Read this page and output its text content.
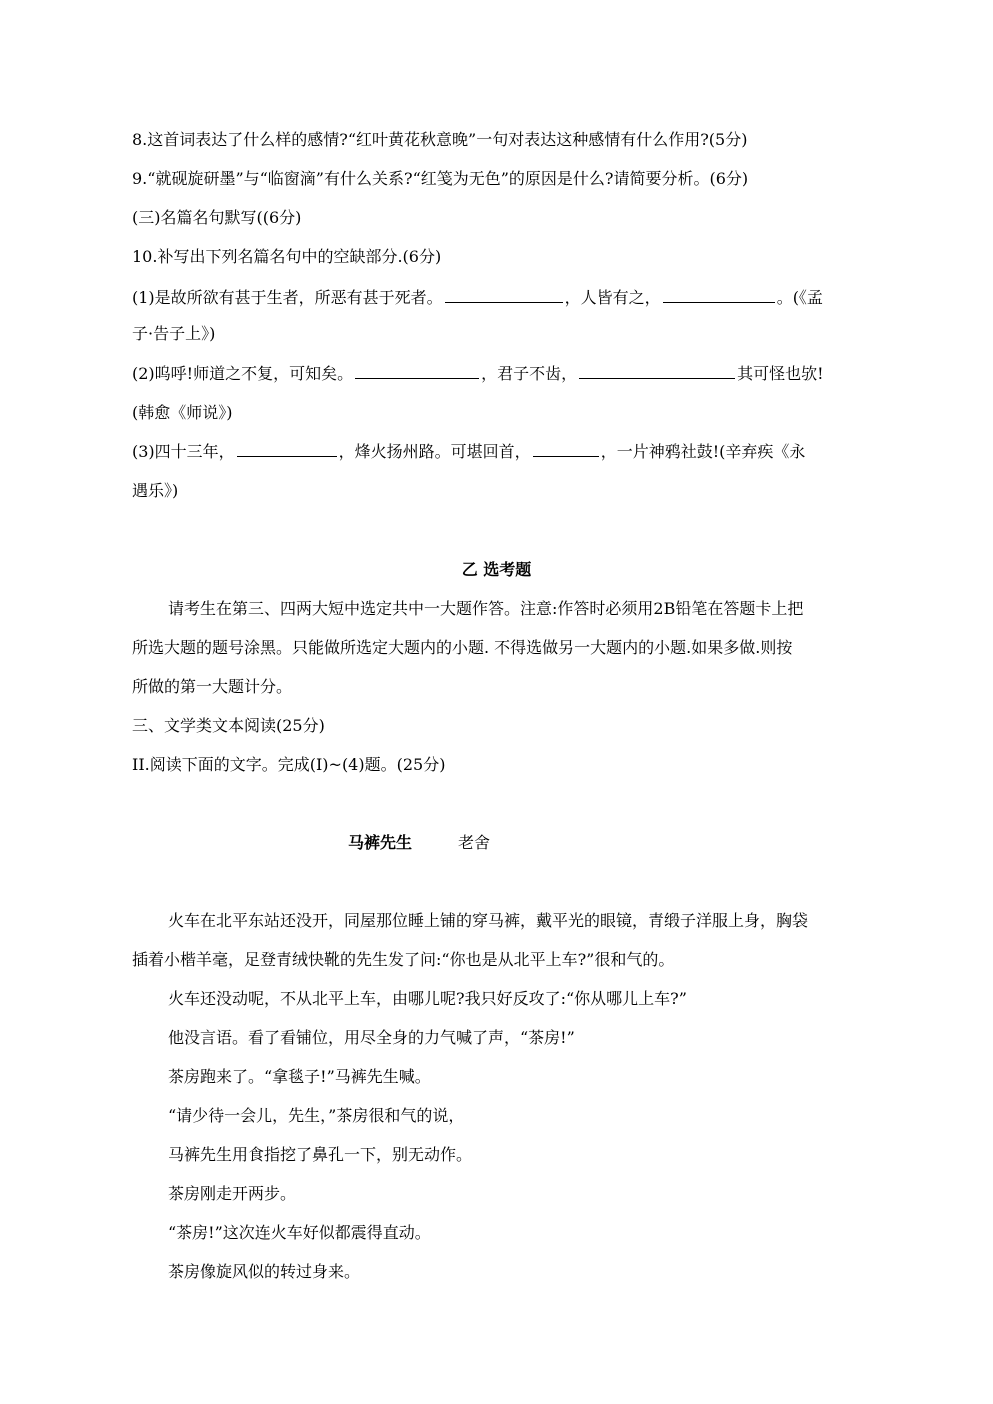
8.这首词表达了什么样的感情?“红叶黄花秋意晚”一句对表达这种感情有什么作用?(5分)
9.“就砚旋研墨”与“临窗滴”有什么关系?“红笺为无色”的原因是什么?请简要分析。(6分)
(三)名篇名句默写((6分)
10.补写出下列名篇名句中的空缺部分.(6分)
(1)是故所欲有甚于生者，所恶有甚于死者。	，人皆有之，	。(《孟
子·告子上》)
(2)呜呼!师道之不复，可知矣。	，君子不齿，	其可怪也欤!
(韩愈《师说》)
(3)四十三年，	，烽火扬州路。可堪回首，	，一片神鸦社鼓!(辛弃疾《永
遇乐》)
乙 选考题
请考生在第三、四两大短中选定共中一大题作答。注意:作答时必须用2B铅笔在答题卡上把
所选大题的题号涂黑。只能做所选定大题内的小题. 不得选做另一大题内的小题.如果多做.则按
所做的第一大题计分。
三、文学类文本阅读(25分)
II.阅读下面的文字。完成(I)~(4)题。(25分)
马裤先生	老舍
火车在北平东站还没开，同屋那位睡上铺的穿马裤，戴平光的眼镜，青缎子洋服上身，胸袋
插着小楷羊毫，足登青绒快靴的先生发了问:“你也是从北平上车?”很和气的。
火车还没动呢，不从北平上车，由哪儿呢?我只好反攻了:“你从哪儿上车?”
他没言语。看了看铺位，用尽全身的力气喊了声，“茶房!”
茶房跑来了。“拿毯子!”马裤先生喊。
“请少待一会儿，先生，”茶房很和气的说，
马裤先生用食指挖了鼻孔一下，别无动作。
茶房刚走开两步。
“茶房!”这次连火车好似都震得直动。
茶房像旋风似的转过身来。
